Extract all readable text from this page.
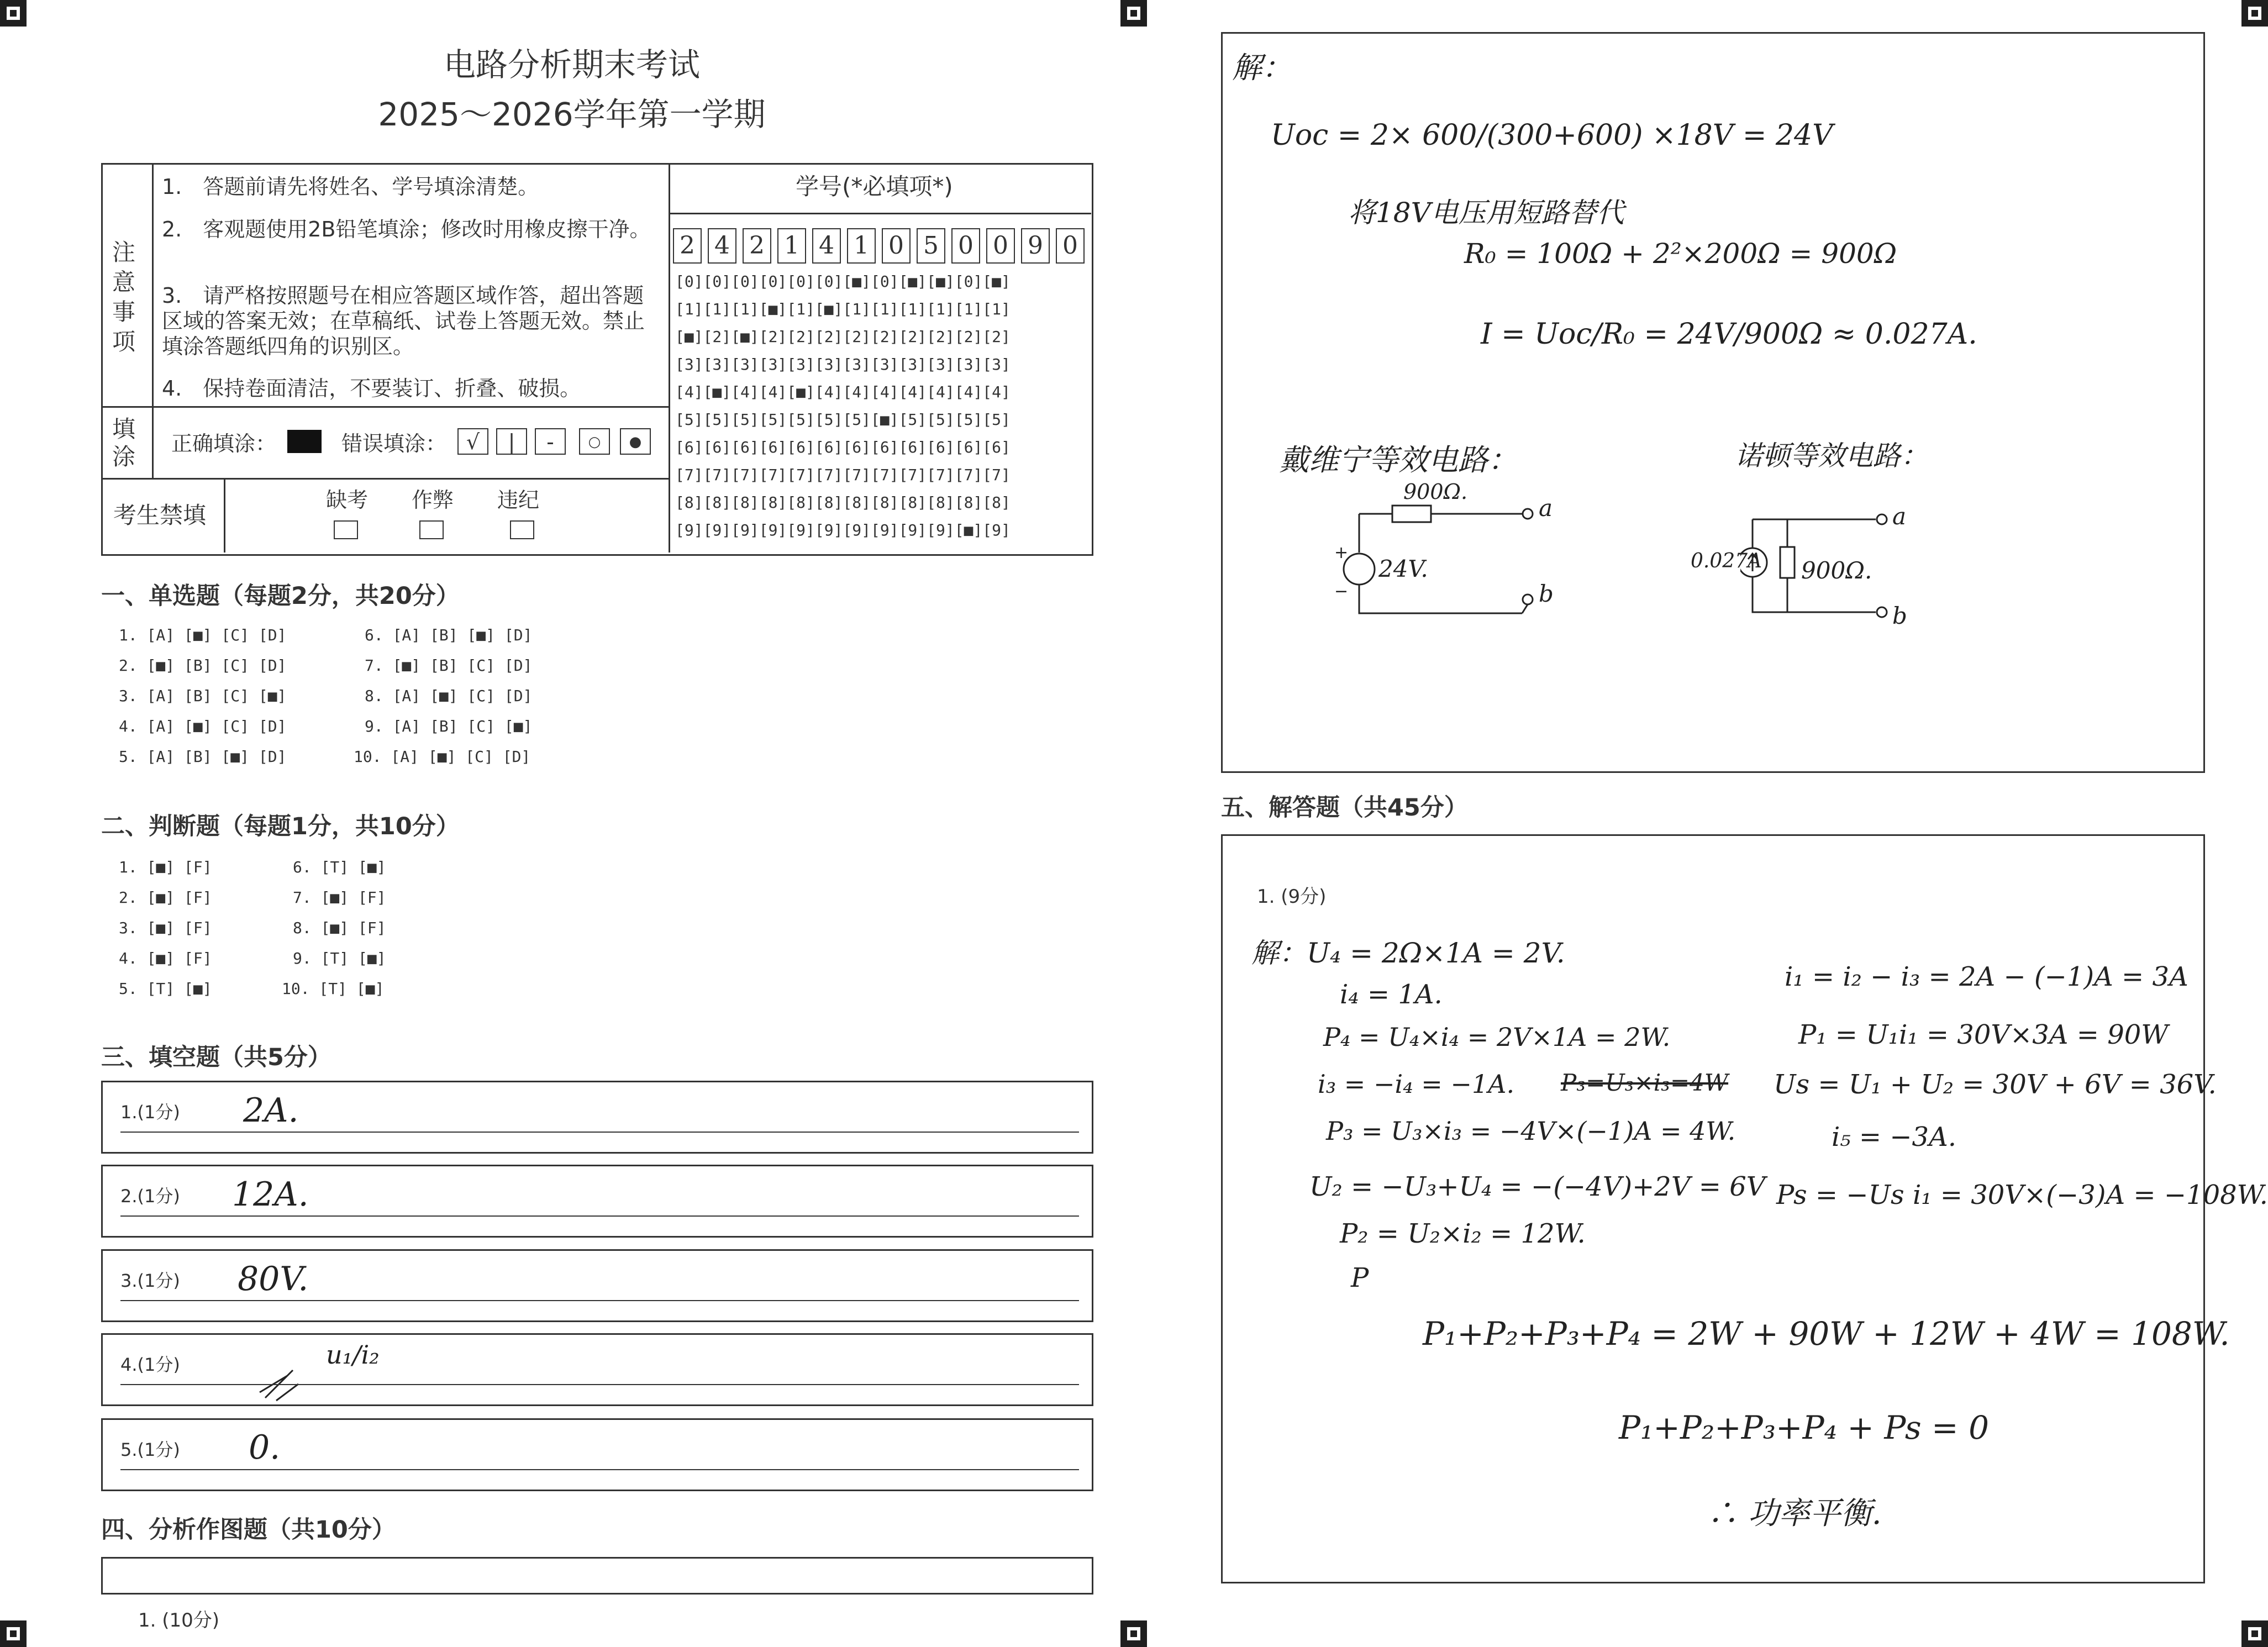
电路分析期末考试
2025～2026学年第一学期
注意事项
1.　答题前请先将姓名、学号填涂清楚。
2.　客观题使用2B铅笔填涂；修改时用橡皮擦干净。
3.　请严格按照题号在相应答题区域作答，超出答题区域的答案无效；在草稿纸、试卷上答题无效。禁止填涂答题纸四角的识别区。
4.　保持卷面清洁，不要装订、折叠、破损。
填涂 正确填涂：	错误填涂： √	|	-	○	●
考生禁填
缺考 作弊 违纪
学号(*必填项*)
2 4 2 1 4 1 0 5 0 0 9 0
[0][0][0][0][0][0][■][0][■][■][0][■]
[1][1][1][■][1][■][1][1][1][1][1][1]
[■][2][■][2][2][2][2][2][2][2][2][2]
[3][3][3][3][3][3][3][3][3][3][3][3]
[4][■][4][4][■][4][4][4][4][4][4][4]
[5][5][5][5][5][5][5][■][5][5][5][5]
[6][6][6][6][6][6][6][6][6][6][6][6]
[7][7][7][7][7][7][7][7][7][7][7][7]
[8][8][8][8][8][8][8][8][8][8][8][8]
[9][9][9][9][9][9][9][9][9][9][■][9]
一、单选题（每题2分，共20分）
1. [A] [■] [C] [D]
2. [■] [B] [C] [D]
3. [A] [B] [C] [■]
4. [A] [■] [C] [D]
5. [A] [B] [■] [D]
6. [A] [B] [■] [D]
7. [■] [B] [C] [D]
8. [A] [■] [C] [D]
9. [A] [B] [C] [■]
10. [A] [■] [C] [D]
二、判断题（每题1分，共10分）
1. [■] [F]
2. [■] [F]
3. [■] [F]
4. [■] [F]
5. [T] [■]
6. [T] [■]
7. [■] [F]
8. [■] [F]
9. [T] [■]
10. [T] [■]
三、填空题（共5分）
1.(1分) 2A.
2.(1分) 12A.
3.(1分) 80V.
4.(1分)	u₁/i₂
5.(1分) 0.
四、分析作图题（共10分）
1. (10分)
解：
Uoc = 2× 600/(300+600) ×18V = 24V
将18V电压用短路替代
R₀ = 100Ω + 2²×200Ω = 900Ω
I = Uoc/R₀ = 24V/900Ω ≈ 0.027A.
戴维宁等效电路：	诺顿等效电路：
+
−
900Ω.
24V.
a
b
0.027A 900Ω.
a
b
五、解答题（共45分）
1. (9分)
解：U₄ = 2Ω×1A = 2V.
i₄ = 1A.
P₄ = U₄×i₄ = 2V×1A = 2W.
i₃ = −i₄ = −1A. P₃=U₃×i₃=4W
P₃ = U₃×i₃ = −4V×(−1)A = 4W.
U₂ = −U₃+U₄ = −(−4V)+2V = 6V
P₂ = U₂×i₂ = 12W.
P
i₁ = i₂ − i₃ = 2A − (−1)A = 3A
P₁ = U₁i₁ = 30V×3A = 90W
Us = U₁ + U₂ = 30V + 6V = 36V.
i₅ = −3A.
Ps = −Us i₁ = 30V×(−3)A = −108W.
P₁+P₂+P₃+P₄ = 2W + 90W + 12W + 4W = 108W.
P₁+P₂+P₃+P₄ + Ps = 0
∴ 功率平衡.
